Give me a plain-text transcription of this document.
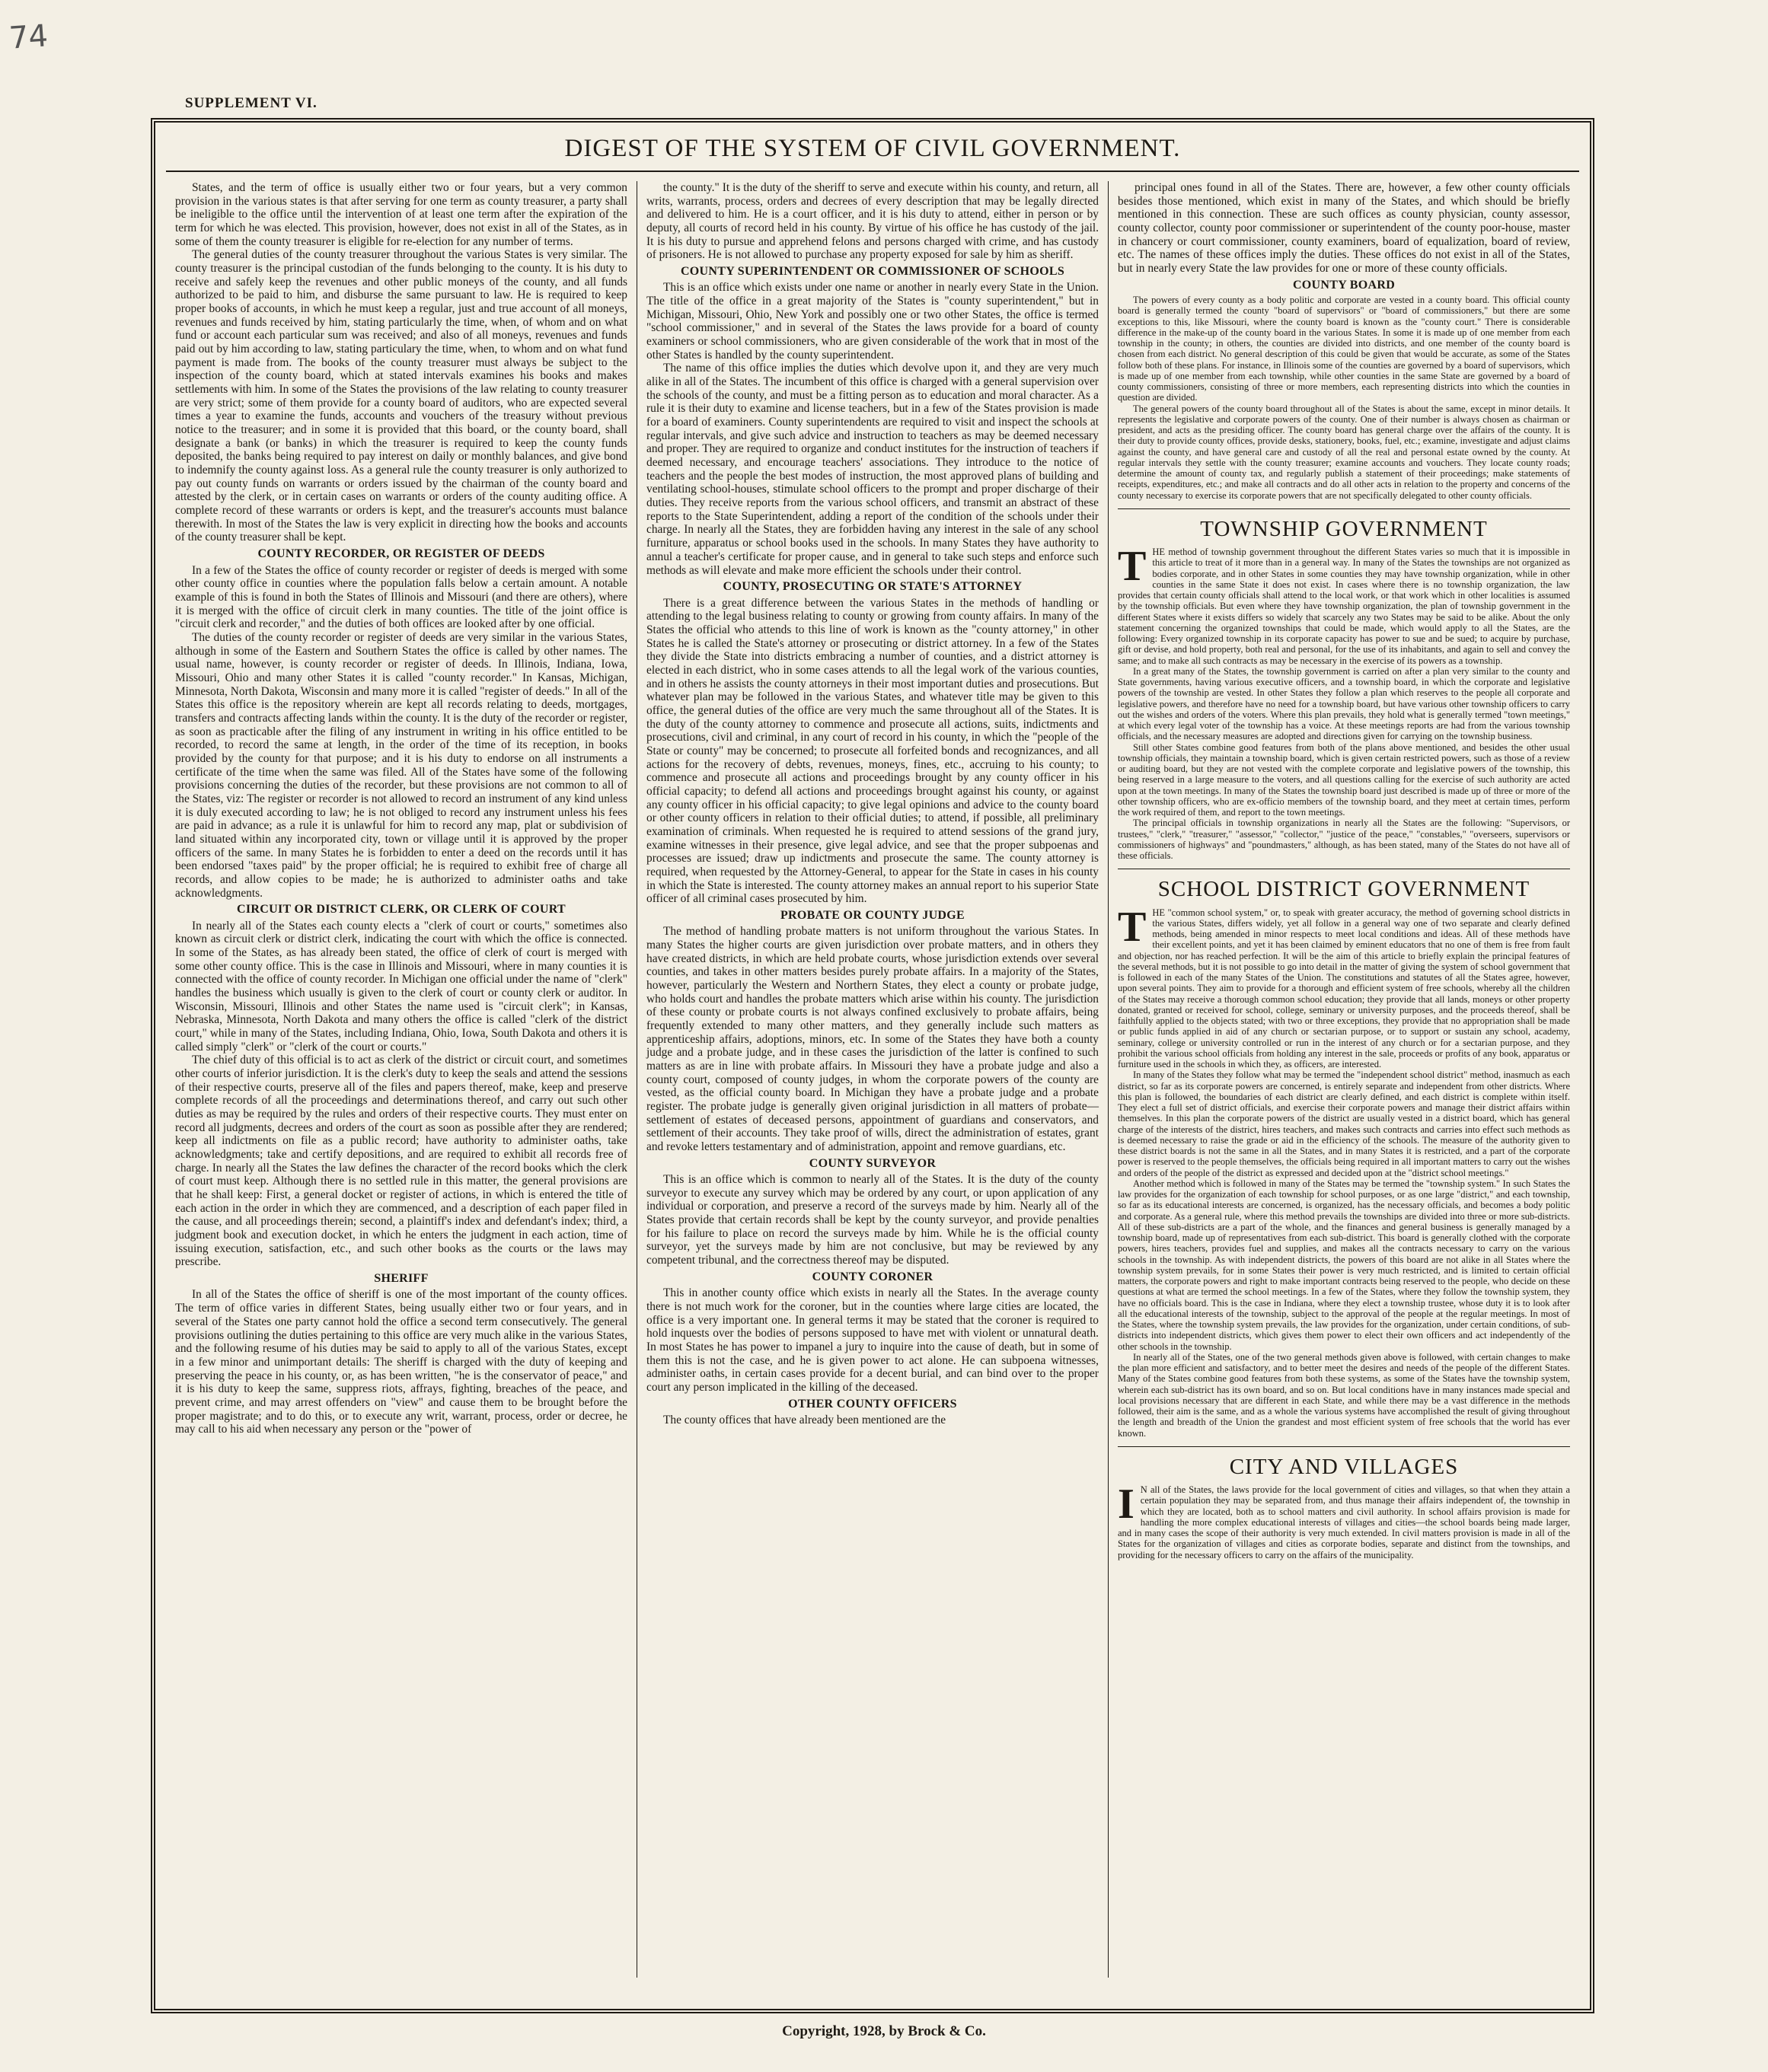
74
SUPPLEMENT VI.
DIGEST OF THE SYSTEM OF CIVIL GOVERNMENT.

States, and the term of office is usually either two or four years, but a very common provision in the various states is that after serving for one term as county treasurer, a party shall be ineligible to the office until the intervention of at least one term after the expiration of the term for which he was elected. This provision, however, does not exist in all of the States, as in some of them the county treasurer is eligible for re-election for any number of terms.

The general duties of the county treasurer throughout the various States is very similar. The county treasurer is the principal custodian of the funds belonging to the county. It is his duty to receive and safely keep the revenues and other public moneys of the county, and all funds authorized to be paid to him, and disburse the same pursuant to law. He is required to keep proper books of accounts, in which he must keep a regular, just and true account of all moneys, revenues and funds received by him, stating particularly the time, when, of whom and on what fund or account each particular sum was received; and also of all moneys, revenues and funds paid out by him according to law, stating particulary the time, when, to whom and on what fund payment is made from. The books of the county treasurer must always be subject to the inspection of the county board, which at stated intervals examines his books and makes settlements with him. In some of the States the provisions of the law relating to county treasurer are very strict; some of them provide for a county board of auditors, who are expected several times a year to examine the funds, accounts and vouchers of the treasury without previous notice to the treasurer; and in some it is provided that this board, or the county board, shall designate a bank (or banks) in which the treasurer is required to keep the county funds deposited, the banks being required to pay interest on daily or monthly balances, and give bond to indemnify the county against loss. As a general rule the county treasurer is only authorized to pay out county funds on warrants or orders issued by the chairman of the county board and attested by the clerk, or in certain cases on warrants or orders of the county auditing office. A complete record of these warrants or orders is kept, and the treasurer's accounts must balance therewith. In most of the States the law is very explicit in directing how the books and accounts of the county treasurer shall be kept.

COUNTY RECORDER, OR REGISTER OF DEEDS

In a few of the States the office of county recorder or register of deeds is merged with some other county office in counties where the population falls below a certain amount. A notable example of this is found in both the States of Illinois and Missouri (and there are others), where it is merged with the office of circuit clerk in many counties. The title of the joint office is "circuit clerk and recorder," and the duties of both offices are looked after by one official.

The duties of the county recorder or register of deeds are very similar in the various States, although in some of the Eastern and Southern States the office is called by other names. The usual name, however, is county recorder or register of deeds. In Illinois, Indiana, Iowa, Missouri, Ohio and many other States it is called "county recorder." In Kansas, Michigan, Minnesota, North Dakota, Wisconsin and many more it is called "register of deeds." In all of the States this office is the repository wherein are kept all records relating to deeds, mortgages, transfers and contracts affecting lands within the county. It is the duty of the recorder or register, as soon as practicable after the filing of any instrument in writing in his office entitled to be recorded, to record the same at length, in the order of the time of its reception, in books provided by the county for that purpose; and it is his duty to endorse on all instruments a certificate of the time when the same was filed. All of the States have some of the following provisions concerning the duties of the recorder, but these provisions are not common to all of the States, viz: The register or recorder is not allowed to record an instrument of any kind unless it is duly executed according to law; he is not obliged to record any instrument unless his fees are paid in advance; as a rule it is unlawful for him to record any map, plat or subdivision of land situated within any incorporated city, town or village until it is approved by the proper officers of the same. In many States he is forbidden to enter a deed on the records until it has been endorsed "taxes paid" by the proper official; he is required to exhibit free of charge all records, and allow copies to be made; he is authorized to administer oaths and take acknowledgments.

CIRCUIT OR DISTRICT CLERK, OR CLERK OF COURT

In nearly all of the States each county elects a "clerk of court or courts," sometimes also known as circuit clerk or district clerk, indicating the court with which the office is connected. In some of the States, as has already been stated, the office of clerk of court is merged with some other county office. This is the case in Illinois and Missouri, where in many counties it is connected with the office of county recorder. In Michigan one official under the name of "clerk" handles the business which usually is given to the clerk of court or county clerk or auditor. In Wisconsin, Missouri, Illinois and other States the name used is "circuit clerk"; in Kansas, Nebraska, Minnesota, North Dakota and many others the office is called "clerk of the district court," while in many of the States, including Indiana, Ohio, Iowa, South Dakota and others it is called simply "clerk" or "clerk of the court or courts."

The chief duty of this official is to act as clerk of the district or circuit court, and sometimes other courts of inferior jurisdiction. It is the clerk's duty to keep the seals and attend the sessions of their respective courts, preserve all of the files and papers thereof, make, keep and preserve complete records of all the proceedings and determinations thereof, and carry out such other duties as may be required by the rules and orders of their respective courts. They must enter on record all judgments, decrees and orders of the court as soon as possible after they are rendered; keep all indictments on file as a public record; have authority to administer oaths, take acknowledgments; take and certify depositions, and are required to exhibit all records free of charge. In nearly all the States the law defines the character of the record books which the clerk of court must keep. Although there is no settled rule in this matter, the general provisions are that he shall keep: First, a general docket or register of actions, in which is entered the title of each action in the order in which they are commenced, and a description of each paper filed in the cause, and all proceedings therein; second, a plaintiff's index and defendant's index; third, a judgment book and execution docket, in which he enters the judgment in each action, time of issuing execution, satisfaction, etc., and such other books as the courts or the laws may prescribe.

SHERIFF

In all of the States the office of sheriff is one of the most important of the county offices. The term of office varies in different States, being usually either two or four years, and in several of the States one party cannot hold the office a second term consecutively. The general provisions outlining the duties pertaining to this office are very much alike in the various States, and the following resume of his duties may be said to apply to all of the various States, except in a few minor and unimportant details: The sheriff is charged with the duty of keeping and preserving the peace in his county, or, as has been written, "he is the conservator of peace," and it is his duty to keep the same, suppress riots, affrays, fighting, breaches of the peace, and prevent crime, and may arrest offenders on "view" and cause them to be brought before the proper magistrate; and to do this, or to execute any writ, warrant, process, order or decree, he may call to his aid when necessary any person or the "power of

the county." It is the duty of the sheriff to serve and execute within his county, and return, all writs, warrants, process, orders and decrees of every description that may be legally directed and delivered to him. He is a court officer, and it is his duty to attend, either in person or by deputy, all courts of record held in his county. By virtue of his office he has custody of the jail. It is his duty to pursue and apprehend felons and persons charged with crime, and has custody of prisoners. He is not allowed to purchase any property exposed for sale by him as sheriff.

COUNTY SUPERINTENDENT OR COMMISSIONER OF SCHOOLS

This is an office which exists under one name or another in nearly every State in the Union. The title of the office in a great majority of the States is "county superintendent," but in Michigan, Missouri, Ohio, New York and possibly one or two other States, the office is termed "school commissioner," and in several of the States the laws provide for a board of county examiners or school commissioners, who are given considerable of the work that in most of the other States is handled by the county superintendent.

The name of this office implies the duties which devolve upon it, and they are very much alike in all of the States. The incumbent of this office is charged with a general supervision over the schools of the county, and must be a fitting person as to education and moral character. As a rule it is their duty to examine and license teachers, but in a few of the States provision is made for a board of examiners. County superintendents are required to visit and inspect the schools at regular intervals, and give such advice and instruction to teachers as may be deemed necessary and proper. They are required to organize and conduct institutes for the instruction of teachers if deemed necessary, and encourage teachers' associations. They introduce to the notice of teachers and the people the best modes of instruction, the most approved plans of building and ventilating school-houses, stimulate school officers to the prompt and proper discharge of their duties. They receive reports from the various school officers, and transmit an abstract of these reports to the State Superintendent, adding a report of the condition of the schools under their charge. In nearly all the States, they are forbidden having any interest in the sale of any school furniture, apparatus or school books used in the schools. In many States they have authority to annul a teacher's certificate for proper cause, and in general to take such steps and enforce such methods as will elevate and make more efficient the schools under their control.

COUNTY, PROSECUTING OR STATE'S ATTORNEY

There is a great difference between the various States in the methods of handling or attending to the legal business relating to county or growing from county affairs. In many of the States the official who attends to this line of work is known as the "county attorney," in other States he is called the State's attorney or prosecuting or district attorney. In a few of the States they divide the State into districts embracing a number of counties, and a district attorney is elected in each district, who in some cases attends to all the legal work of the various counties, and in others he assists the county attorneys in their most important duties and prosecutions. But whatever plan may be followed in the various States, and whatever title may be given to this office, the general duties of the office are very much the same throughout all of the States. It is the duty of the county attorney to commence and prosecute all actions, suits, indictments and prosecutions, civil and criminal, in any court of record in his county, in which the "people of the State or county" may be concerned; to prosecute all forfeited bonds and recognizances, and all actions for the recovery of debts, revenues, moneys, fines, etc., accruing to his county; to commence and prosecute all actions and proceedings brought by any county officer in his official capacity; to defend all actions and proceedings brought against his county, or against any county officer in his official capacity; to give legal opinions and advice to the county board or other county officers in relation to their official duties; to attend, if possible, all preliminary examination of criminals. When requested he is required to attend sessions of the grand jury, examine witnesses in their presence, give legal advice, and see that the proper subpoenas and processes are issued; draw up indictments and prosecute the same. The county attorney is required, when requested by the Attorney-General, to appear for the State in cases in his county in which the State is interested. The county attorney makes an annual report to his superior State officer of all criminal cases prosecuted by him.

PROBATE OR COUNTY JUDGE

The method of handling probate matters is not uniform throughout the various States. In many States the higher courts are given jurisdiction over probate matters, and in others they have created districts, in which are held probate courts, whose jurisdiction extends over several counties, and takes in other matters besides purely probate affairs. In a majority of the States, however, particularly the Western and Northern States, they elect a county or probate judge, who holds court and handles the probate matters which arise within his county. The jurisdiction of these county or probate courts is not always confined exclusively to probate affairs, being frequently extended to many other matters, and they generally include such matters as apprenticeship affairs, adoptions, minors, etc. In some of the States they have both a county judge and a probate judge, and in these cases the jurisdiction of the latter is confined to such matters as are in line with probate affairs. In Missouri they have a probate judge and also a county court, composed of county judges, in whom the corporate powers of the county are vested, as the official county board. In Michigan they have a probate judge and a probate register. The probate judge is generally given original jurisdiction in all matters of probate—settlement of estates of deceased persons, appointment of guardians and conservators, and settlement of their accounts. They take proof of wills, direct the administration of estates, grant and revoke letters testamentary and of administration, appoint and remove guardians, etc.

COUNTY SURVEYOR

This is an office which is common to nearly all of the States. It is the duty of the county surveyor to execute any survey which may be ordered by any court, or upon application of any individual or corporation, and preserve a record of the surveys made by him. Nearly all of the States provide that certain records shall be kept by the county surveyor, and provide penalties for his failure to place on record the surveys made by him. While he is the official county surveyor, yet the surveys made by him are not conclusive, but may be reviewed by any competent tribunal, and the correctness thereof may be disputed.

COUNTY CORONER

This in another county office which exists in nearly all the States. In the average county there is not much work for the coroner, but in the counties where large cities are located, the office is a very important one. In general terms it may be stated that the coroner is required to hold inquests over the bodies of persons supposed to have met with violent or unnatural death. In most States he has power to impanel a jury to inquire into the cause of death, but in some of them this is not the case, and he is given power to act alone. He can subpoena witnesses, administer oaths, in certain cases provide for a decent burial, and can bind over to the proper court any person implicated in the killing of the deceased.

OTHER COUNTY OFFICERS

The county offices that have already been mentioned are the

principal ones found in all of the States. There are, however, a few other county officials besides those mentioned, which exist in many of the States, and which should be briefly mentioned in this connection. These are such offices as county physician, county assessor, county collector, county poor commissioner or superintendent of the county poor-house, master in chancery or court commissioner, county examiners, board of equalization, board of review, etc. The names of these offices imply the duties. These offices do not exist in all of the States, but in nearly every State the law provides for one or more of these county officials.

COUNTY BOARD

The powers of every county as a body politic and corporate are vested in a county board. This official county board is generally termed the county "board of supervisors" or "board of commissioners," but there are some exceptions to this, like Missouri, where the county board is known as the "county court." There is considerable difference in the make-up of the county board in the various States. In some it is made up of one member from each township in the county; in others, the counties are divided into districts, and one member of the county board is chosen from each district. No general description of this could be given that would be accurate, as some of the States follow both of these plans. For instance, in Illinois some of the counties are governed by a board of supervisors, which is made up of one member from each township, while other counties in the same State are governed by a board of county commissioners, consisting of three or more members, each representing districts into which the counties in question are divided.

The general powers of the county board throughout all of the States is about the same, except in minor details. It represents the legislative and corporate powers of the county. One of their number is always chosen as chairman or president, and acts as the presiding officer. The county board has general charge over the affairs of the county. It is their duty to provide county offices, provide desks, stationery, books, fuel, etc.; examine, investigate and adjust claims against the county, and have general care and custody of all the real and personal estate owned by the county. At regular intervals they settle with the county treasurer; examine accounts and vouchers. They locate county roads; determine the amount of county tax, and regularly publish a statement of their proceedings; make statements of receipts, expenditures, etc.; and make all contracts and do all other acts in relation to the property and concerns of the county necessary to exercise its corporate powers that are not specifically delegated to other county officials.

TOWNSHIP GOVERNMENT

THE method of township government throughout the different States varies so much that it is impossible in this article to treat of it more than in a general way. In many of the States the townships are not organized as bodies corporate, and in other States in some counties they may have township organization, while in other counties in the same State it does not exist. In cases where there is no township organization, the law provides that certain county officials shall attend to the local work, or that work which in other localities is assumed by the township officials. But even where they have township organization, the plan of township government in the different States where it exists differs so widely that scarcely any two States may be said to be alike. About the only statement concerning the organized townships that could be made, which would apply to all the States, are the following: Every organized township in its corporate capacity has power to sue and be sued; to acquire by purchase, gift or devise, and hold property, both real and personal, for the use of its inhabitants, and again to sell and convey the same; and to make all such contracts as may be necessary in the exercise of its powers as a township.

In a great many of the States, the township government is carried on after a plan very similar to the county and State governments, having various executive officers, and a township board, in which the corporate and legislative powers of the township are vested. In other States they follow a plan which reserves to the people all corporate and legislative powers, and therefore have no need for a township board, but have various other township officers to carry out the wishes and orders of the voters. Where this plan prevails, they hold what is generally termed "town meetings," at which every legal voter of the township has a voice. At these meetings reports are had from the various township officials, and the necessary measures are adopted and directions given for carrying on the township business.

Still other States combine good features from both of the plans above mentioned, and besides the other usual township officials, they maintain a township board, which is given certain restricted powers, such as those of a review or auditing board, but they are not vested with the complete corporate and legislative powers of the township, this being reserved in a large measure to the voters, and all questions calling for the exercise of such authority are acted upon at the town meetings. In many of the States the township board just described is made up of three or more of the other township officers, who are ex-officio members of the township board, and they meet at certain times, perform the work required of them, and report to the town meetings.

The principal officials in township organizations in nearly all the States are the following: "Supervisors, or trustees," "clerk," "treasurer," "assessor," "collector," "justice of the peace," "constables," "overseers, supervisors or commissioners of highways" and "poundmasters," although, as has been stated, many of the States do not have all of these officials.

SCHOOL DISTRICT GOVERNMENT

THE "common school system," or, to speak with greater accuracy, the method of governing school districts in the various States, differs widely, yet all follow in a general way one of two separate and clearly defined methods, being amended in minor respects to meet local conditions and ideas. All of these methods have their excellent points, and yet it has been claimed by eminent educators that no one of them is free from fault and objection, nor has reached perfection. It will be the aim of this article to briefly explain the principal features of the several methods, but it is not possible to go into detail in the matter of giving the system of school government that is followed in each of the many States of the Union. The constitutions and statutes of all the States agree, however, upon several points. They aim to provide for a thorough and efficient system of free schools, whereby all the children of the States may receive a thorough common school education; they provide that all lands, moneys or other property donated, granted or received for school, college, seminary or university purposes, and the proceeds thereof, shall be faithfully applied to the objects stated; with two or three exceptions, they provide that no appropriation shall be made or public funds applied in aid of any church or sectarian purpose, or to support or sustain any school, academy, seminary, college or university controlled or run in the interest of any church or for a sectarian purpose, and they prohibit the various school officials from holding any interest in the sale, proceeds or profits of any book, apparatus or furniture used in the schools in which they, as officers, are interested.

In many of the States they follow what may be termed the "independent school district" method, inasmuch as each district, so far as its corporate powers are concerned, is entirely separate and independent from other districts. Where this plan is followed, the boundaries of each district are clearly defined, and each district is complete within itself. They elect a full set of district officials, and exercise their corporate powers and manage their district affairs within themselves. In this plan the corporate powers of the district are usually vested in a district board, which has general charge of the interests of the district, hires teachers, and makes such contracts and carries into effect such methods as is deemed necessary to raise the grade or aid in the efficiency of the schools. The measure of the authority given to these district boards is not the same in all the States, and in many States it is restricted, and a part of the corporate power is reserved to the people themselves, the officials being required in all important matters to carry out the wishes and orders of the people of the district as expressed and decided upon at the "district school meetings."

Another method which is followed in many of the States may be termed the "township system." In such States the law provides for the organization of each township for school purposes, or as one large "district," and each township, so far as its educational interests are concerned, is organized, has the necessary officials, and becomes a body politic and corporate. As a general rule, where this method prevails the townships are divided into three or more sub-districts. All of these sub-districts are a part of the whole, and the finances and general business is generally managed by a township board, made up of representatives from each sub-district. This board is generally clothed with the corporate powers, hires teachers, provides fuel and supplies, and makes all the contracts necessary to carry on the various schools in the township. As with independent districts, the powers of this board are not alike in all States where the township system prevails, for in some States their power is very much restricted, and is limited to certain official matters, the corporate powers and right to make important contracts being reserved to the people, who decide on these questions at what are termed the school meetings. In a few of the States, where they follow the township system, they have no officials board. This is the case in Indiana, where they elect a township trustee, whose duty it is to look after all the educational interests of the township, subject to the approval of the people at the regular meetings. In most of the States, where the township system prevails, the law provides for the organization, under certain conditions, of sub-districts into independent districts, which gives them power to elect their own officers and act independently of the other schools in the township.

In nearly all of the States, one of the two general methods given above is followed, with certain changes to make the plan more efficient and satisfactory, and to better meet the desires and needs of the people of the different States. Many of the States combine good features from both these systems, as some of the States have the township system, wherein each sub-district has its own board, and so on. But local conditions have in many instances made special and local provisions necessary that are different in each State, and while there may be a vast difference in the methods followed, their aim is the same, and as a whole the various systems have accomplished the result of giving throughout the length and breadth of the Union the grandest and most efficient system of free schools that the world has ever known.

CITY AND VILLAGES

I N all of the States, the laws provide for the local government of cities and villages, so that when they attain a certain population they may be separated from, and thus manage their affairs independent of, the township in which they are located, both as to school matters and civil authority. In school affairs provision is made for handling the more complex educational interests of villages and cities—the school boards being made larger, and in many cases the scope of their authority is very much extended. In civil matters provision is made in all of the States for the organization of villages and cities as corporate bodies, separate and distinct from the townships, and providing for the necessary officers to carry on the affairs of the municipality.

Copyright, 1928, by Brock & Co.
